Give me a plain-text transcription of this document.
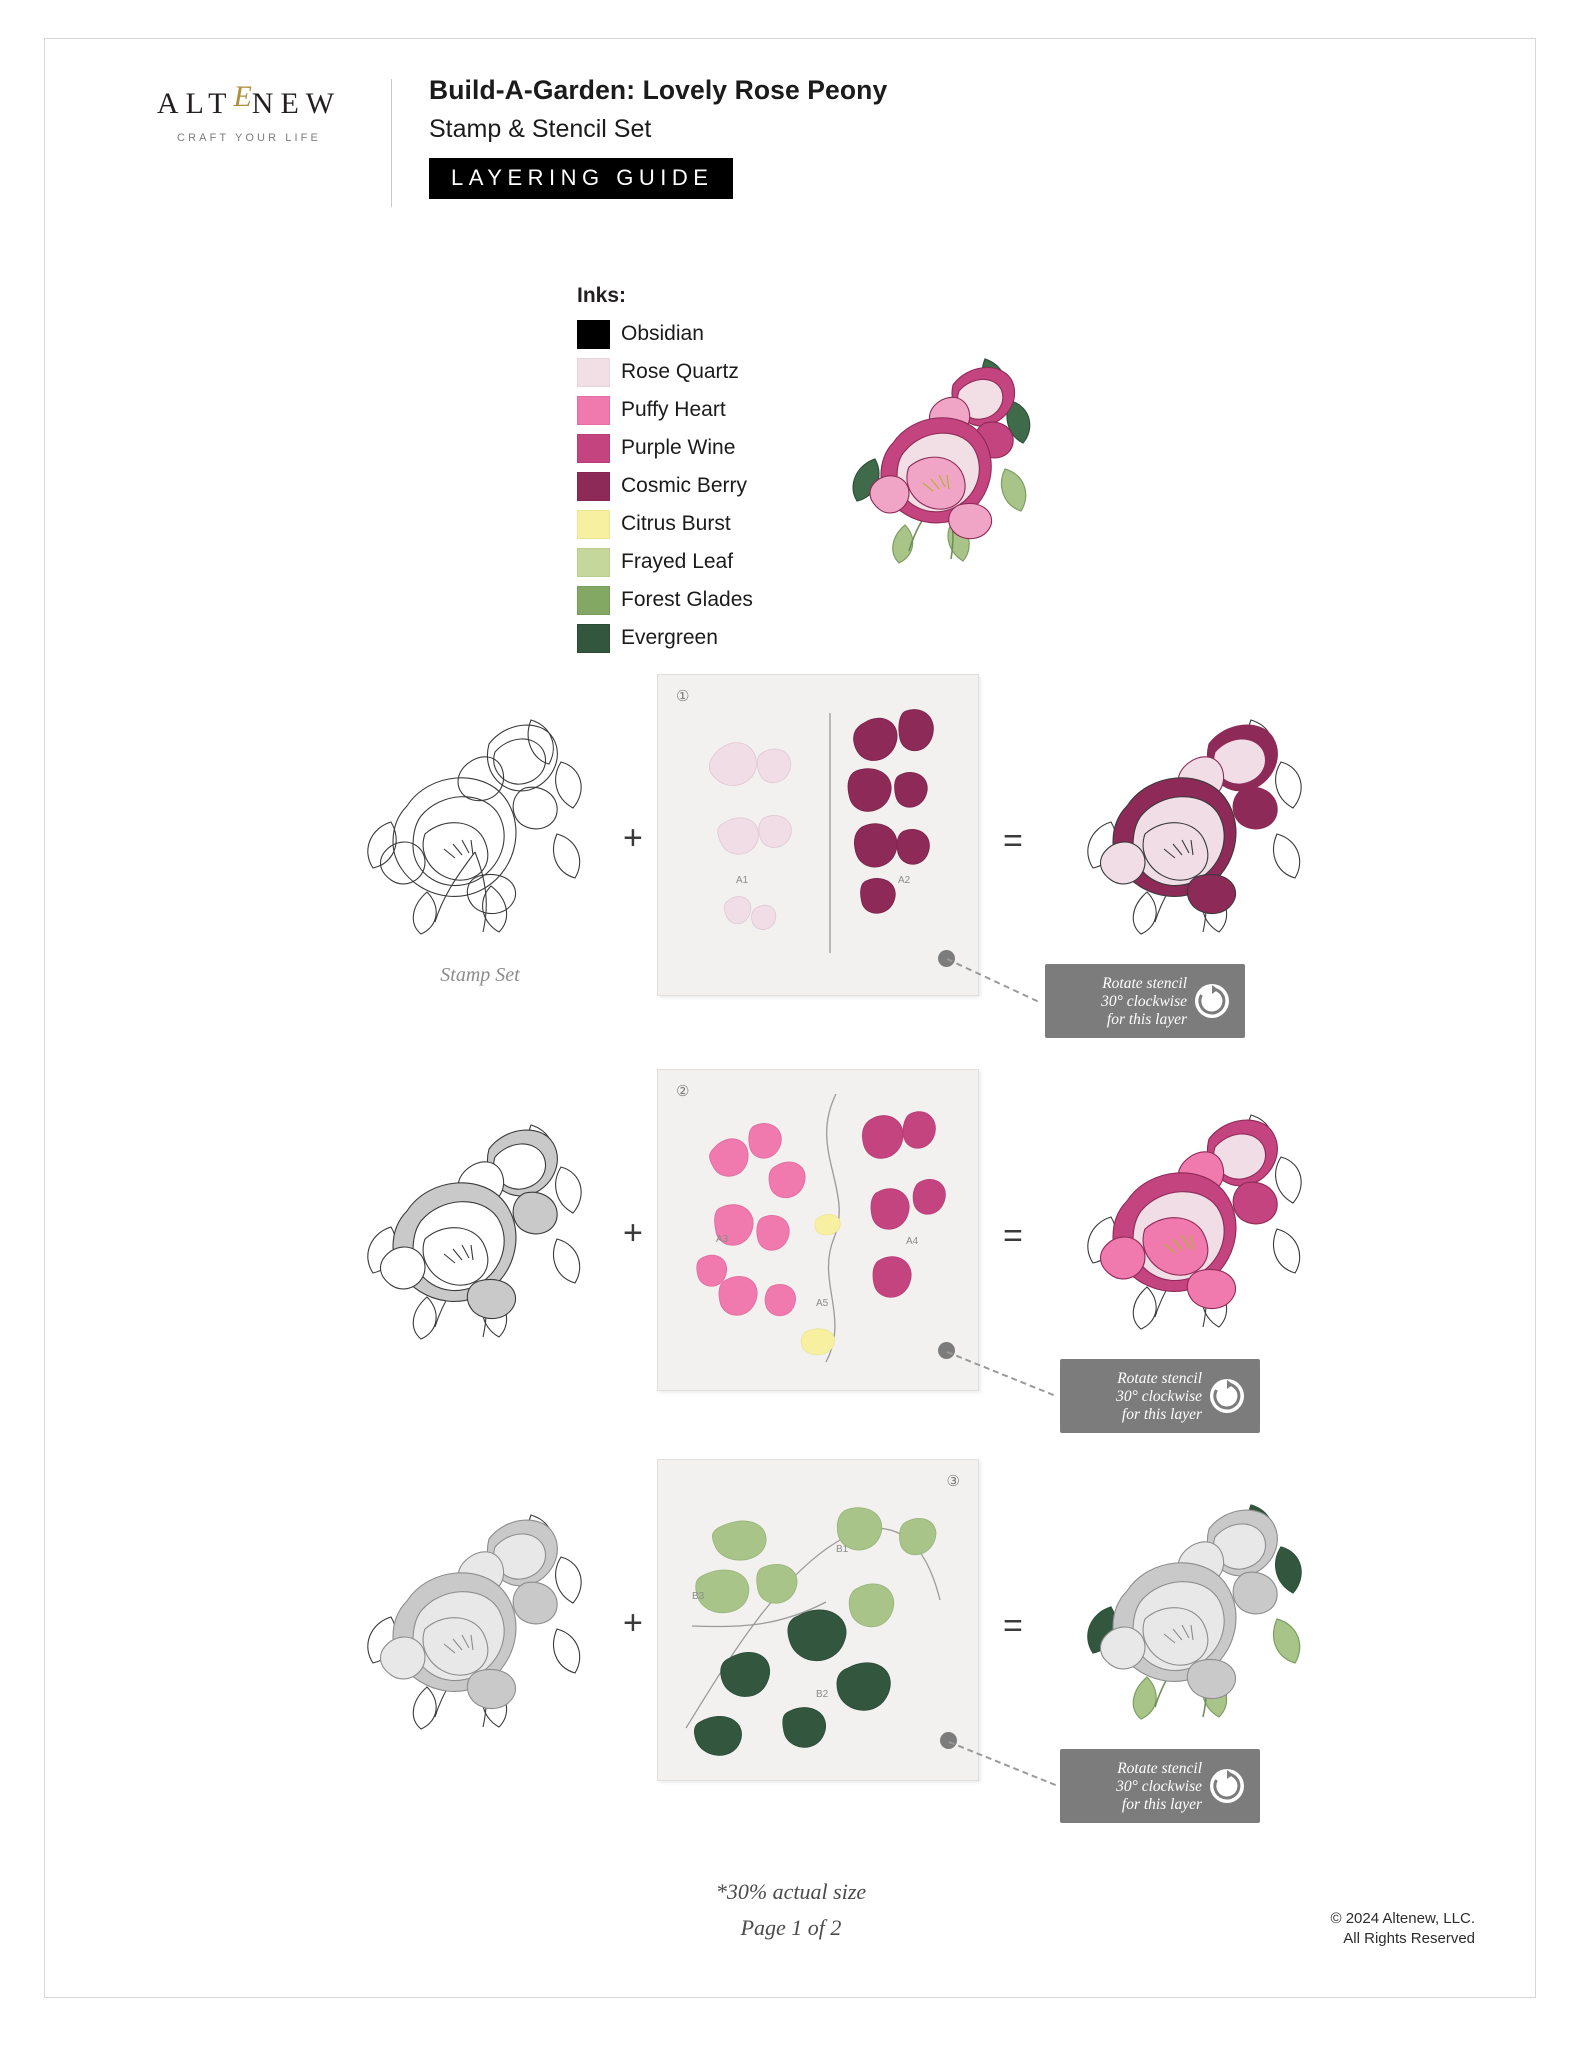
ALTENEW
CRAFT YOUR LIFE
Build-A-Garden: Lovely Rose Peony
Stamp & Stencil Set
LAYERING GUIDE
Inks:
Obsidian
Rose Quartz
Puffy Heart
Purple Wine
Cosmic Berry
Citrus Burst
Frayed Leaf
Forest Glades
Evergreen
Stamp Set
+
①
A1	A2
=
Rotate stencil
30° clockwise
for this layer
+
②
A3	A4
A5
=
Rotate stencil
30° clockwise
for this layer
+
③
B1
B3
B2
=
Rotate stencil
30° clockwise
for this layer
*30% actual size
Page 1 of 2	© 2024 Altenew, LLC.
All Rights Reserved
